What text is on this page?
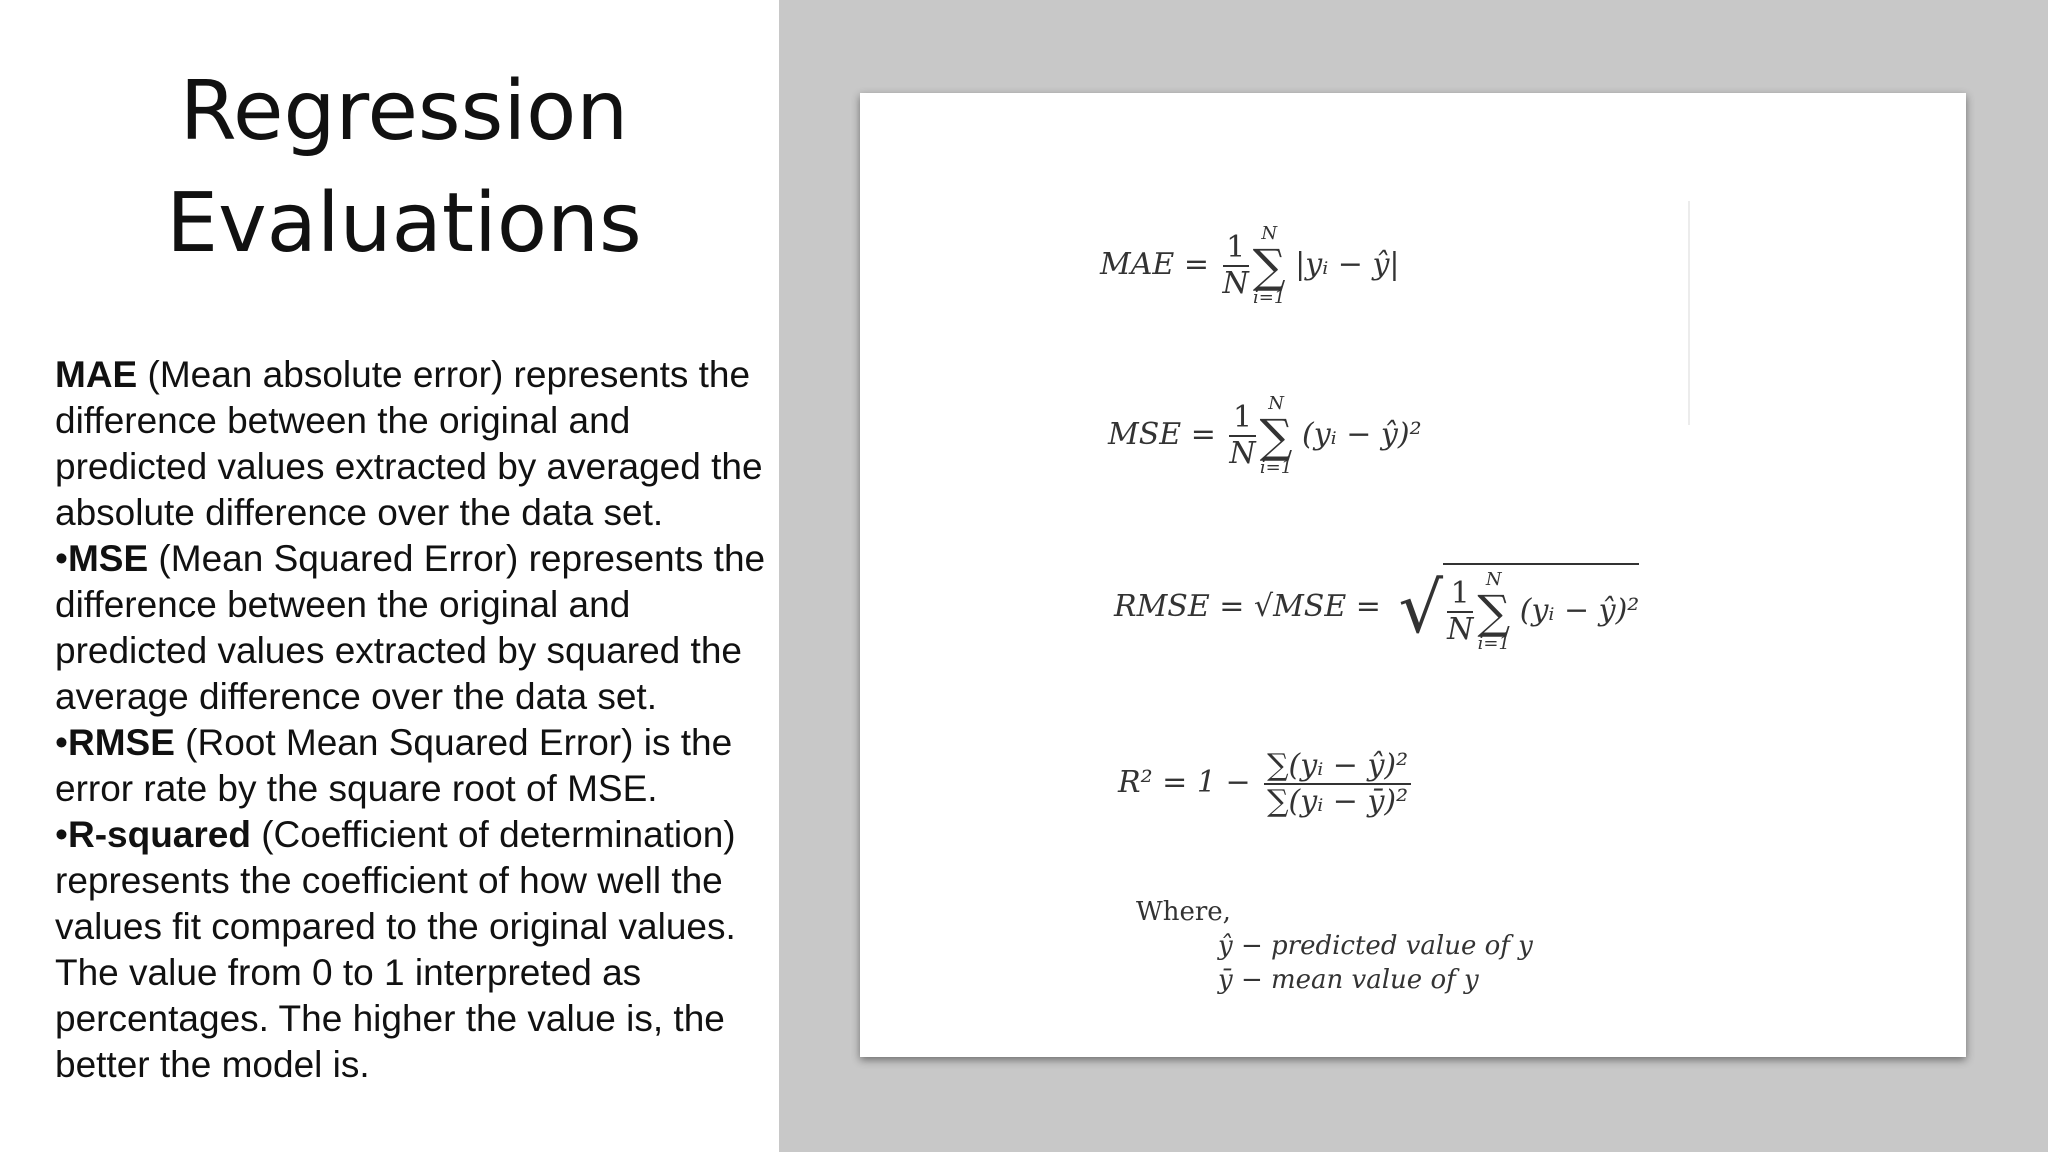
Regression
Evaluations
MAE (Mean absolute error) represents the difference between the original and predicted values extracted by averaged the absolute difference over the data set.
•MSE (Mean Squared Error) represents the difference between the original and predicted values extracted by squared the average difference over the data set.
•RMSE (Root Mean Squared Error) is the error rate by the square root of MSE.
•R-squared (Coefficient of determination) represents the coefficient of how well the values fit compared to the original values. The value from 0 to 1 interpreted as percentages. The higher the value is, the better the model is.
MAE = $\frac{1}{N}$ N
∑
i=1
|yᵢ − ŷ|
MSE = $\frac{1}{N}$ N
∑
i=1
(yᵢ − ŷ)²
RMSE = √MSE = √ $\frac{1}{N}$ N
∑
i=1
(yᵢ − ŷ)²
$R^2 = 1 - \frac{\text{∑(yᵢ − ŷ)²}}{\text{∑(yᵢ − ȳ)²}}$
Where,
ŷ − predicted value of y
ȳ − mean value of y
